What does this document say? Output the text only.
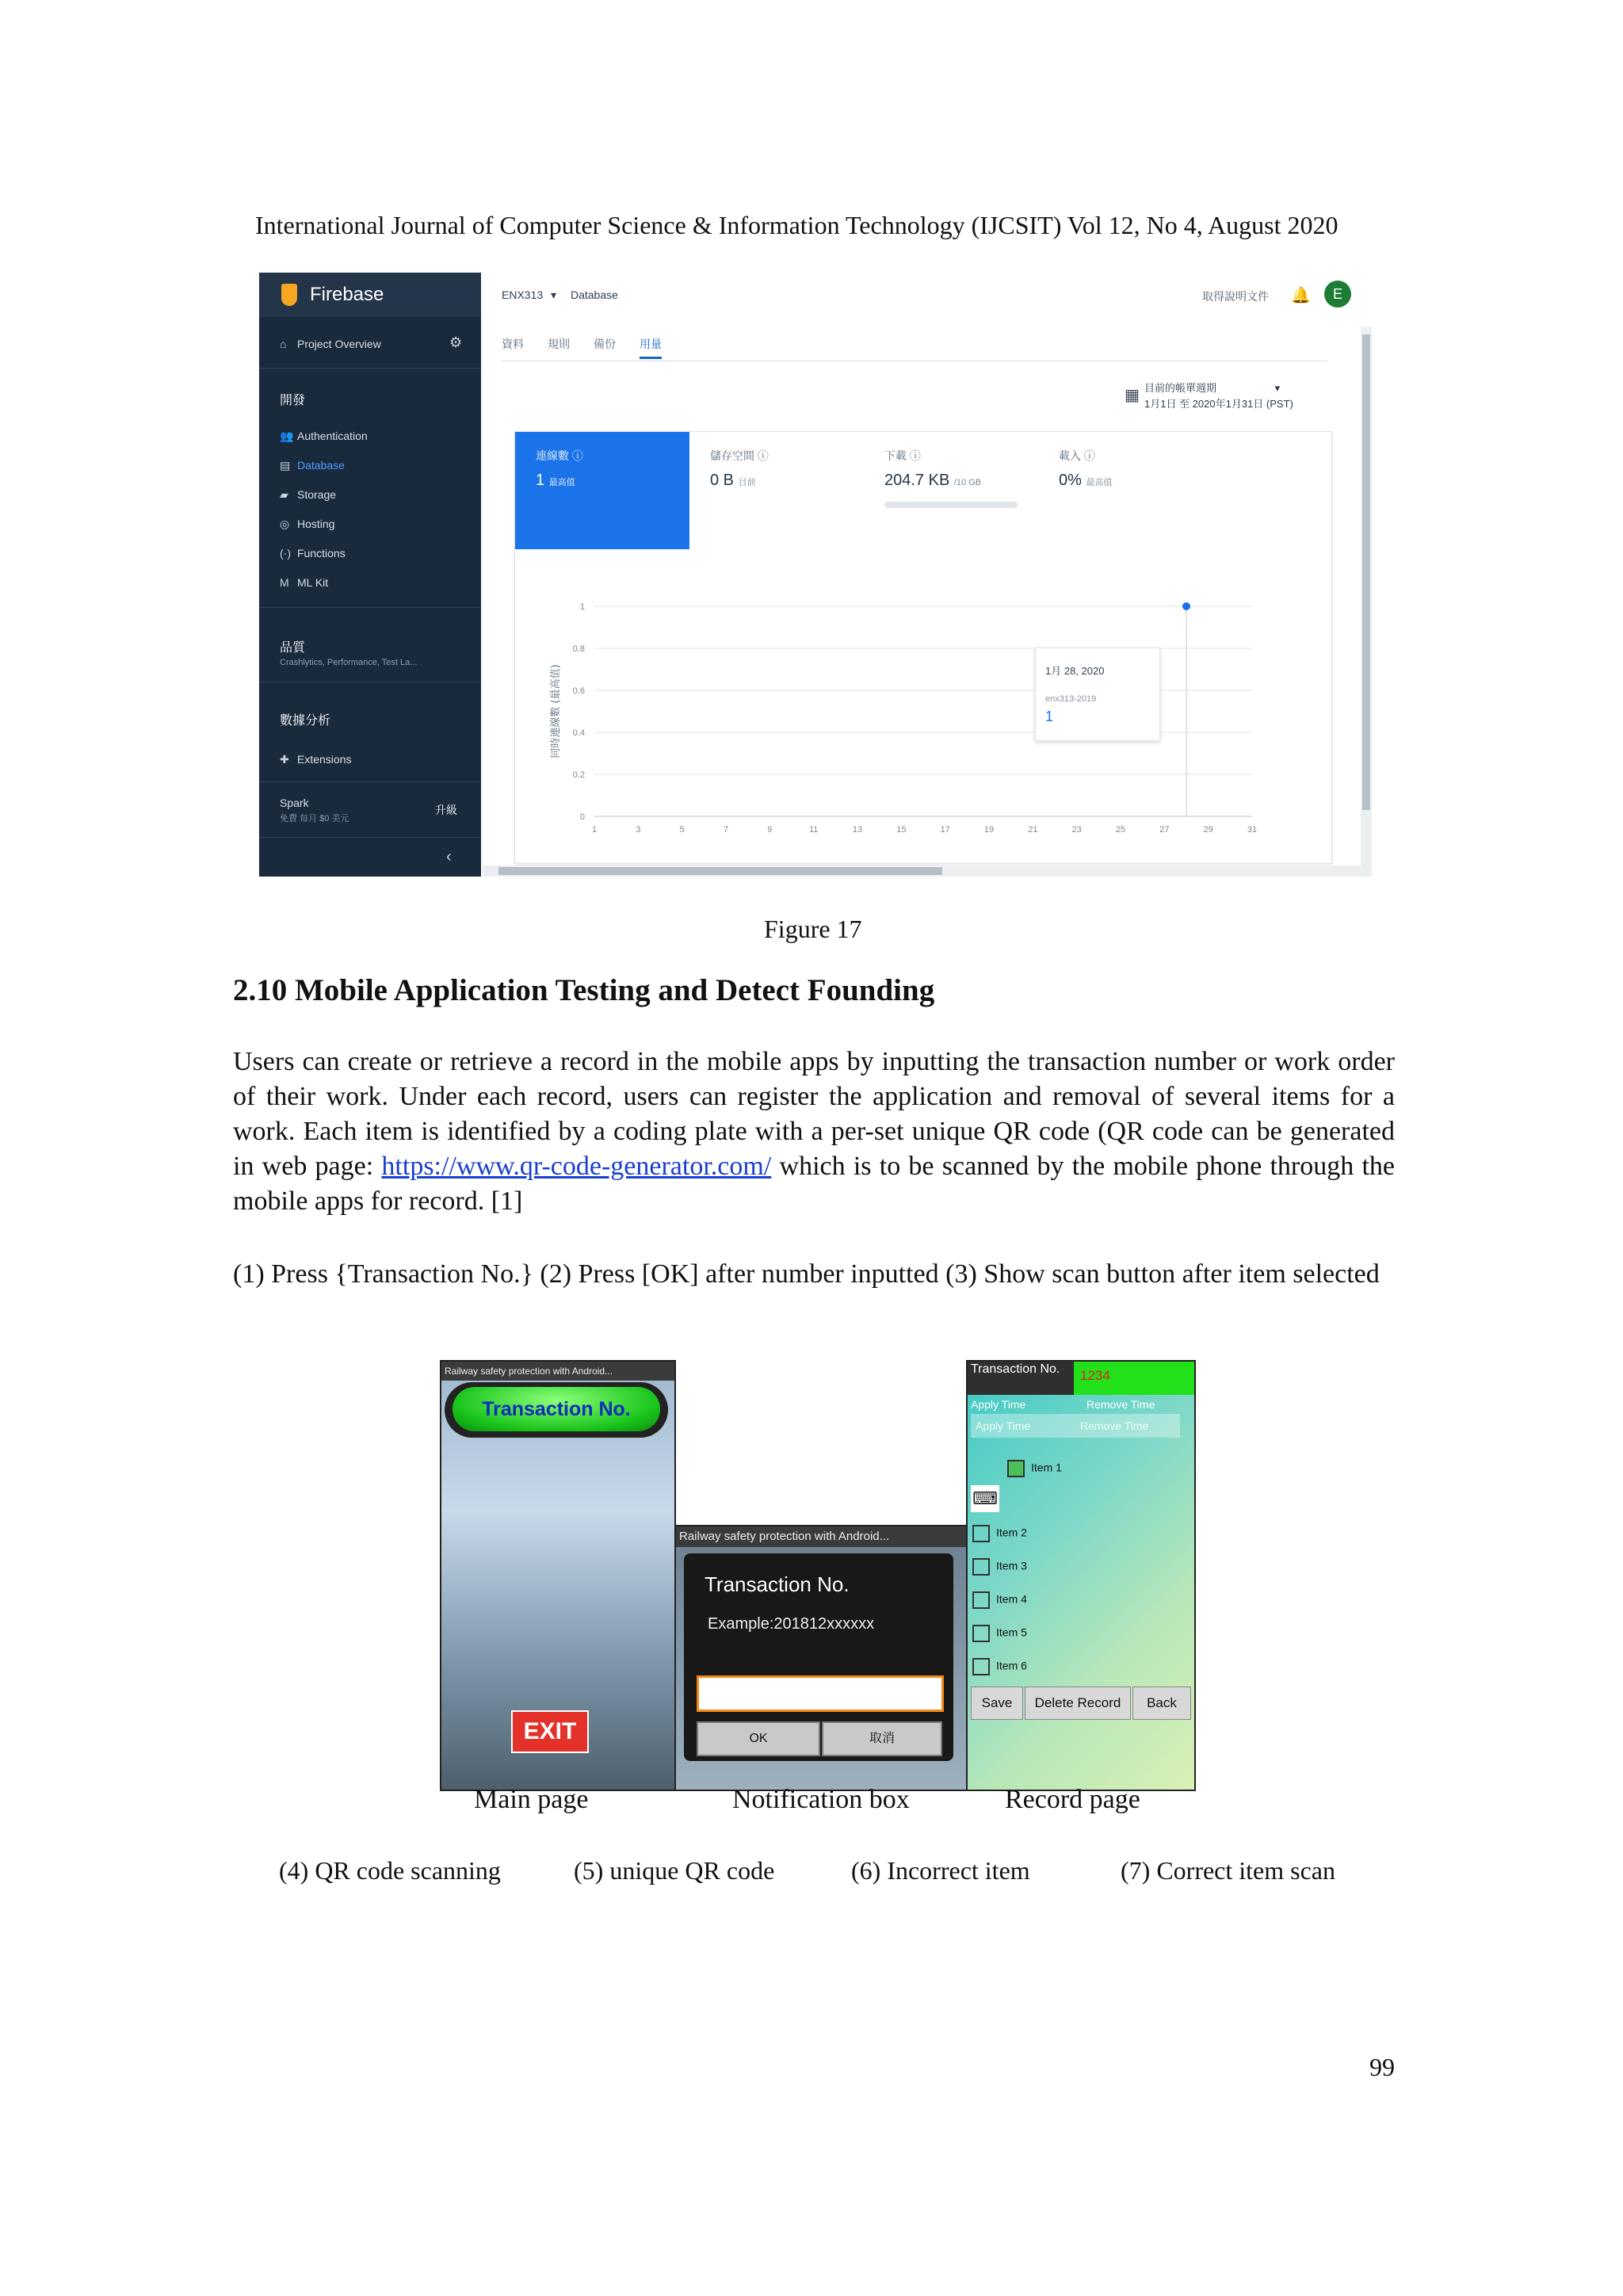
International Journal of Computer Science & Information Technology (IJCSIT) Vol 12, No 4, August 2020
Firebase
⌂ Project Overview	⚙
開發
👥 Authentication
▤ Database
▰ Storage
◎ Hosting
(·) Functions
M ML Kit
品質
Crashlytics, Performance, Test La...
數據分析
✚ Extensions
Spark
免費 每月 $0 美元
升級
‹
ENX313 ▾ Database	取得說明文件 🔔	E
資料 規則 備份 用量
▦ 目前的帳單週期	▾
1月1日 至 2020年1月31日 (PST)
連線數 ⓘ
1 最高值
儲存空間 ⓘ
0 B 目前
下載 ⓘ
204.7 KB /10 GB
載入 ⓘ
0% 最高值
0
0.2
0.4
0.6
0.8
1
1	3	5	7	9	11	13	15	17	19	21	23	25	27	29	31
同時連線數 (最高值)	1月 28, 2020
enx313-2019
1
Figure 17
2.10 Mobile Application Testing and Detect Founding
Users can create or retrieve a record in the mobile apps by inputting the transaction number or work order of their work. Under each record, users can register the application and removal of several items for a work. Each item is identified by a coding plate with a per-set unique QR code (QR code can be generated in web page: https://www.qr-code-generator.com/ which is to be scanned by the mobile phone through the mobile apps for record. [1]
(1) Press {Transaction No.} (2) Press [OK] after number inputted (3) Show scan button after item selected
Railway safety protection with Android...
Transaction No.
EXIT
Railway safety protection with Android...
Transaction No.
Example:201812xxxxxx
OK	取消
Transaction No.	1234
Apply Time	Remove Time
Apply Time	Remove Time
⌨
Item 1
Item 2
Item 3
Item 4
Item 5
Item 6
Save	Delete Record	Back
Main page	Notification box	Record page
(4) QR code scanning	(5) unique QR code	(6) Incorrect item	(7) Correct item scan
99
